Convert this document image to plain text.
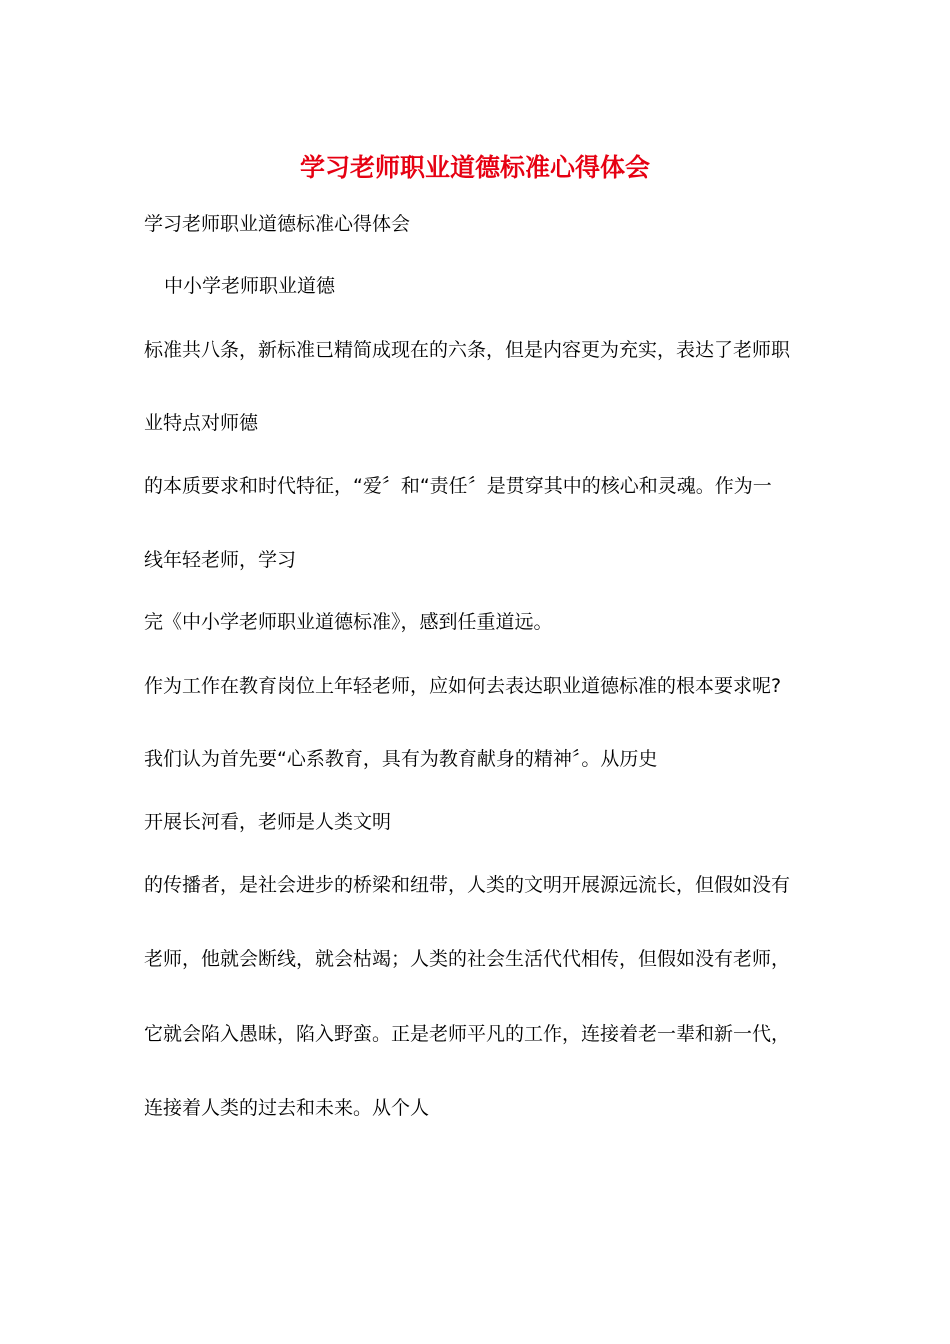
学习老师职业道德标准心得体会
学习老师职业道德标准心得体会
中小学老师职业道德
标准共八条，新标准已精简成现在的六条，但是内容更为充实，表达了老师职
业特点对师德
的本质要求和时代特征，“爱〞和“责任〞是贯穿其中的核心和灵魂。作为一
线年轻老师，学习
完《中小学老师职业道德标准》，感到任重道远。
作为工作在教育岗位上年轻老师，应如何去表达职业道德标准的根本要求呢?
我们认为首先要“心系教育，具有为教育献身的精神〞。从历史
开展长河看，老师是人类文明
的传播者，是社会进步的桥梁和纽带，人类的文明开展源远流长，但假如没有
老师，他就会断线，就会枯竭；人类的社会生活代代相传，但假如没有老师，
它就会陷入愚昧，陷入野蛮。正是老师平凡的工作，连接着老一辈和新一代，
连接着人类的过去和未来。从个人
